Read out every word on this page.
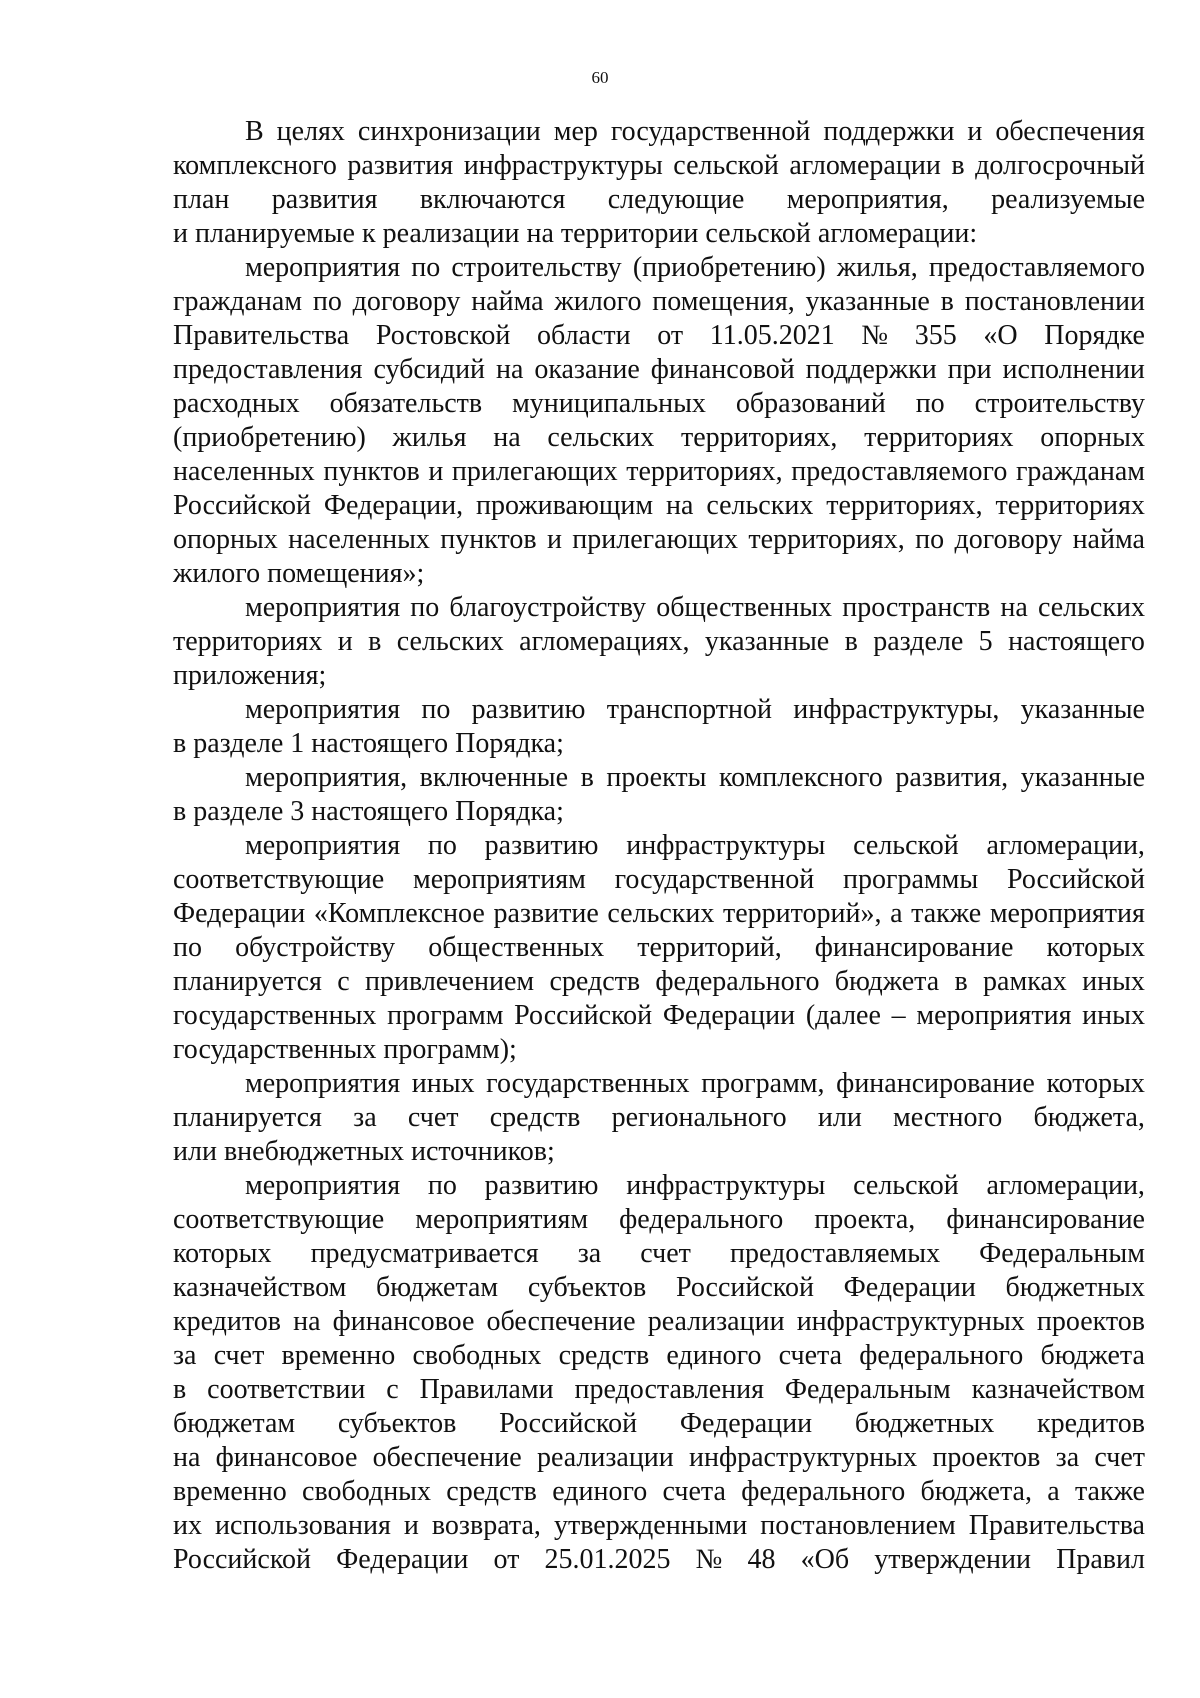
60
В целях синхронизации мер государственной поддержки и обеспечения
комплексного развития инфраструктуры сельской агломерации в долгосрочный
план развития включаются следующие мероприятия, реализуемые
и планируемые к реализации на территории сельской агломерации:
мероприятия по строительству (приобретению) жилья, предоставляемого
гражданам по договору найма жилого помещения, указанные в постановлении
Правительства Ростовской области от 11.05.2021 № 355 «О Порядке
предоставления субсидий на оказание финансовой поддержки при исполнении
расходных обязательств муниципальных образований по строительству
(приобретению) жилья на сельских территориях, территориях опорных
населенных пунктов и прилегающих территориях, предоставляемого гражданам
Российской Федерации, проживающим на сельских территориях, территориях
опорных населенных пунктов и прилегающих территориях, по договору найма
жилого помещения»;
мероприятия по благоустройству общественных пространств на сельских
территориях и в сельских агломерациях, указанные в разделе 5 настоящего
приложения;
мероприятия по развитию транспортной инфраструктуры, указанные
в разделе 1 настоящего Порядка;
мероприятия, включенные в проекты комплексного развития, указанные
в разделе 3 настоящего Порядка;
мероприятия по развитию инфраструктуры сельской агломерации,
соответствующие мероприятиям государственной программы Российской
Федерации «Комплексное развитие сельских территорий», а также мероприятия
по обустройству общественных территорий, финансирование которых
планируется с привлечением средств федерального бюджета в рамках иных
государственных программ Российской Федерации (далее – мероприятия иных
государственных программ);
мероприятия иных государственных программ, финансирование которых
планируется за счет средств регионального или местного бюджета,
или внебюджетных источников;
мероприятия по развитию инфраструктуры сельской агломерации,
соответствующие мероприятиям федерального проекта, финансирование
которых предусматривается за счет предоставляемых Федеральным
казначейством бюджетам субъектов Российской Федерации бюджетных
кредитов на финансовое обеспечение реализации инфраструктурных проектов
за счет временно свободных средств единого счета федерального бюджета
в соответствии с Правилами предоставления Федеральным казначейством
бюджетам субъектов Российской Федерации бюджетных кредитов
на финансовое обеспечение реализации инфраструктурных проектов за счет
временно свободных средств единого счета федерального бюджета, а также
их использования и возврата, утвержденными постановлением Правительства
Российской Федерации от 25.01.2025 № 48 «Об утверждении Правил
